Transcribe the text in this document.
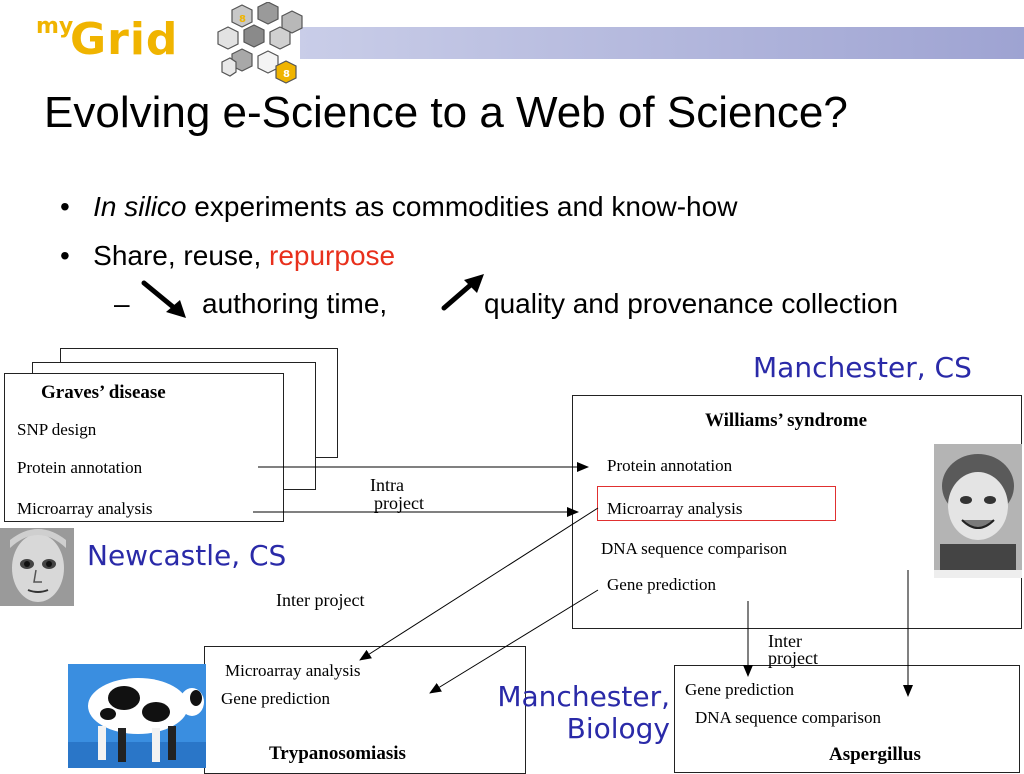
my
Grid	8
8
Evolving e-Science to a Web of Science?
•   In silico experiments as commodities and know-how
•   Share, reuse, repurpose
–	authoring time,	quality and provenance collection
Graves’ disease
SNP design
Protein annotation
Microarray analysis
Williams’ syndrome
Protein annotation
Microarray analysis
DNA sequence comparison
Gene prediction
Microarray analysis
Gene prediction
Trypanosomiasis
Gene prediction
DNA sequence comparison
Aspergillus
Intra
project
Inter project
Inter
project
Manchester, CS
Newcastle, CS
Manchester,
Biology
